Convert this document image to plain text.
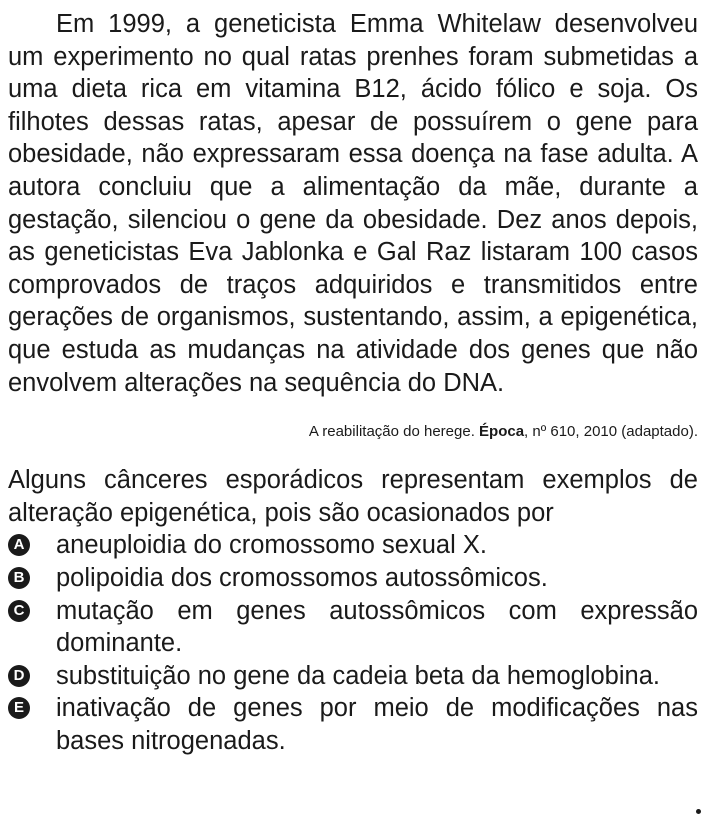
Em 1999, a geneticista Emma Whitelaw desenvolveu um experimento no qual ratas prenhes foram submetidas a uma dieta rica em vitamina B12, ácido fólico e soja. Os filhotes dessas ratas, apesar de possuírem o gene para obesidade, não expressaram essa doença na fase adulta. A autora concluiu que a alimentação da mãe, durante a gestação, silenciou o gene da obesidade. Dez anos depois, as geneticistas Eva Jablonka e Gal Raz listaram 100 casos comprovados de traços adquiridos e transmitidos entre gerações de organismos, sustentando, assim, a epigenética, que estuda as mudanças na atividade dos genes que não envolvem alterações na sequência do DNA.

A reabilitação do herege. Época, nº 610, 2010 (adaptado).

Alguns cânceres esporádicos representam exemplos de alteração epigenética, pois são ocasionados por

A aneuploidia do cromossomo sexual X.
B polipoidia dos cromossomos autossômicos.
C mutação em genes autossômicos com expressão dominante.
D substituição no gene da cadeia beta da hemoglobina.
E inativação de genes por meio de modificações nas bases nitrogenadas.
